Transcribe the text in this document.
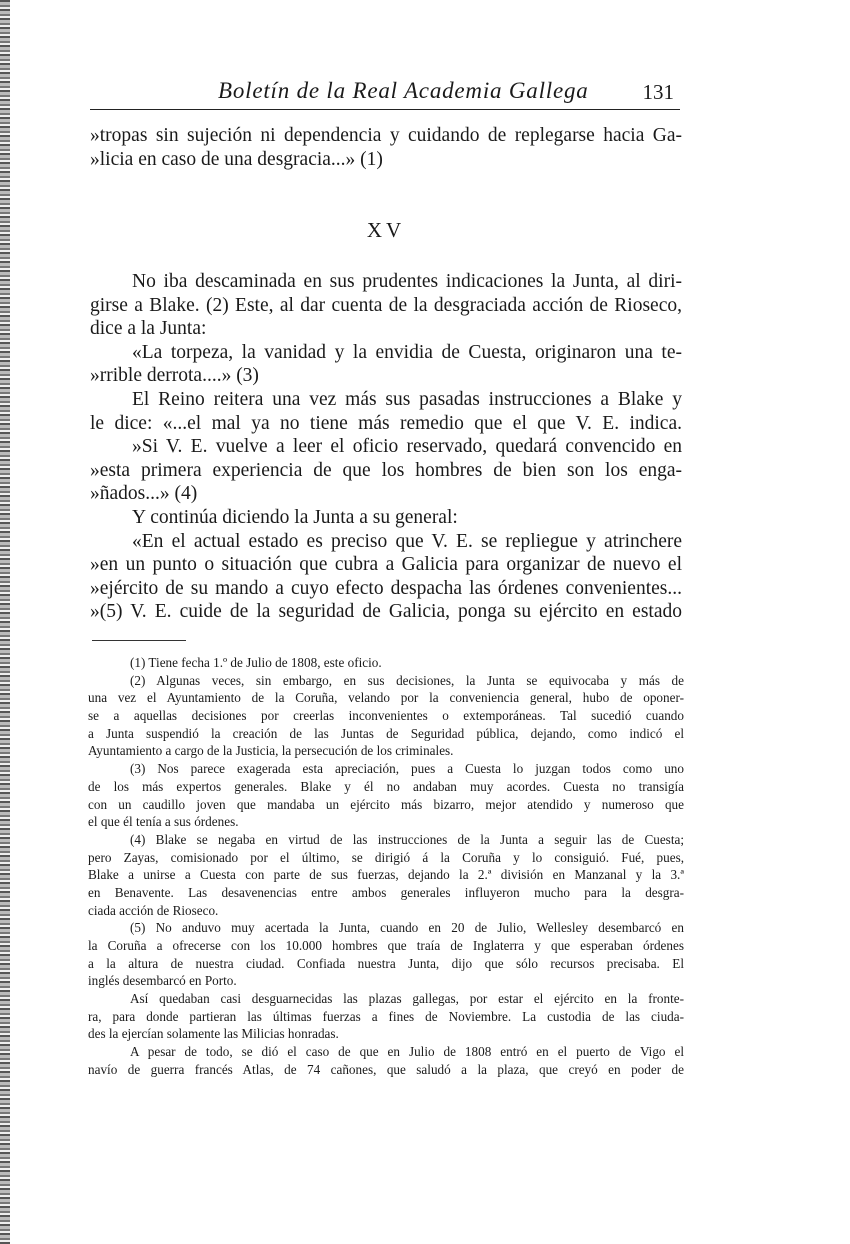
Boletín de la Real Academia Gallega	131
»tropas sin sujeción ni dependencia y cuidando de replegarse hacia Ga-
»licia en caso de una desgracia...» (1)
XV
No iba descaminada en sus prudentes indicaciones la Junta, al diri-
girse a Blake. (2) Este, al dar cuenta de la desgraciada acción de Rioseco,
dice a la Junta:
«La torpeza, la vanidad y la envidia de Cuesta, originaron una te-
»rrible derrota....» (3)
El Reino reitera una vez más sus pasadas instrucciones a Blake y
le dice: «...el mal ya no tiene más remedio que el que V. E. indica.
»Si V. E. vuelve a leer el oficio reservado, quedará convencido en
»esta primera experiencia de que los hombres de bien son los enga-
»ñados...» (4)
Y continúa diciendo la Junta a su general:
«En el actual estado es preciso que V. E. se repliegue y atrinchere
»en un punto o situación que cubra a Galicia para organizar de nuevo el
»ejército de su mando a cuyo efecto despacha las órdenes convenientes...
»(5) V. E. cuide de la seguridad de Galicia, ponga su ejército en estado
(1) Tiene fecha 1.º de Julio de 1808, este oficio.
(2) Algunas veces, sin embargo, en sus decisiones, la Junta se equivocaba y más de
una vez el Ayuntamiento de la Coruña, velando por la conveniencia general, hubo de oponer-
se a aquellas decisiones por creerlas inconvenientes o extemporáneas. Tal sucedió cuando
a Junta suspendió la creación de las Juntas de Seguridad pública, dejando, como indicó el
Ayuntamiento a cargo de la Justicia, la persecución de los criminales.
(3) Nos parece exagerada esta apreciación, pues a Cuesta lo juzgan todos como uno
de los más expertos generales. Blake y él no andaban muy acordes. Cuesta no transigía
con un caudillo joven que mandaba un ejército más bizarro, mejor atendido y numeroso que
el que él tenía a sus órdenes.
(4) Blake se negaba en virtud de las instrucciones de la Junta a seguir las de Cuesta;
pero Zayas, comisionado por el último, se dirigió á la Coruña y lo consiguió. Fué, pues,
Blake a unirse a Cuesta con parte de sus fuerzas, dejando la 2.ª división en Manzanal y la 3.ª
en Benavente. Las desavenencias entre ambos generales influyeron mucho para la desgra-
ciada acción de Rioseco.
(5) No anduvo muy acertada la Junta, cuando en 20 de Julio, Wellesley desembarcó en
la Coruña a ofrecerse con los 10.000 hombres que traía de Inglaterra y que esperaban órdenes
a la altura de nuestra ciudad. Confiada nuestra Junta, dijo que sólo recursos precisaba. El
inglés desembarcó en Porto.
Así quedaban casi desguarnecidas las plazas gallegas, por estar el ejército en la fronte-
ra, para donde partieran las últimas fuerzas a fines de Noviembre. La custodia de las ciuda-
des la ejercían solamente las Milicias honradas.
A pesar de todo, se dió el caso de que en Julio de 1808 entró en el puerto de Vigo el
navío de guerra francés Atlas, de 74 cañones, que saludó a la plaza, que creyó en poder de
